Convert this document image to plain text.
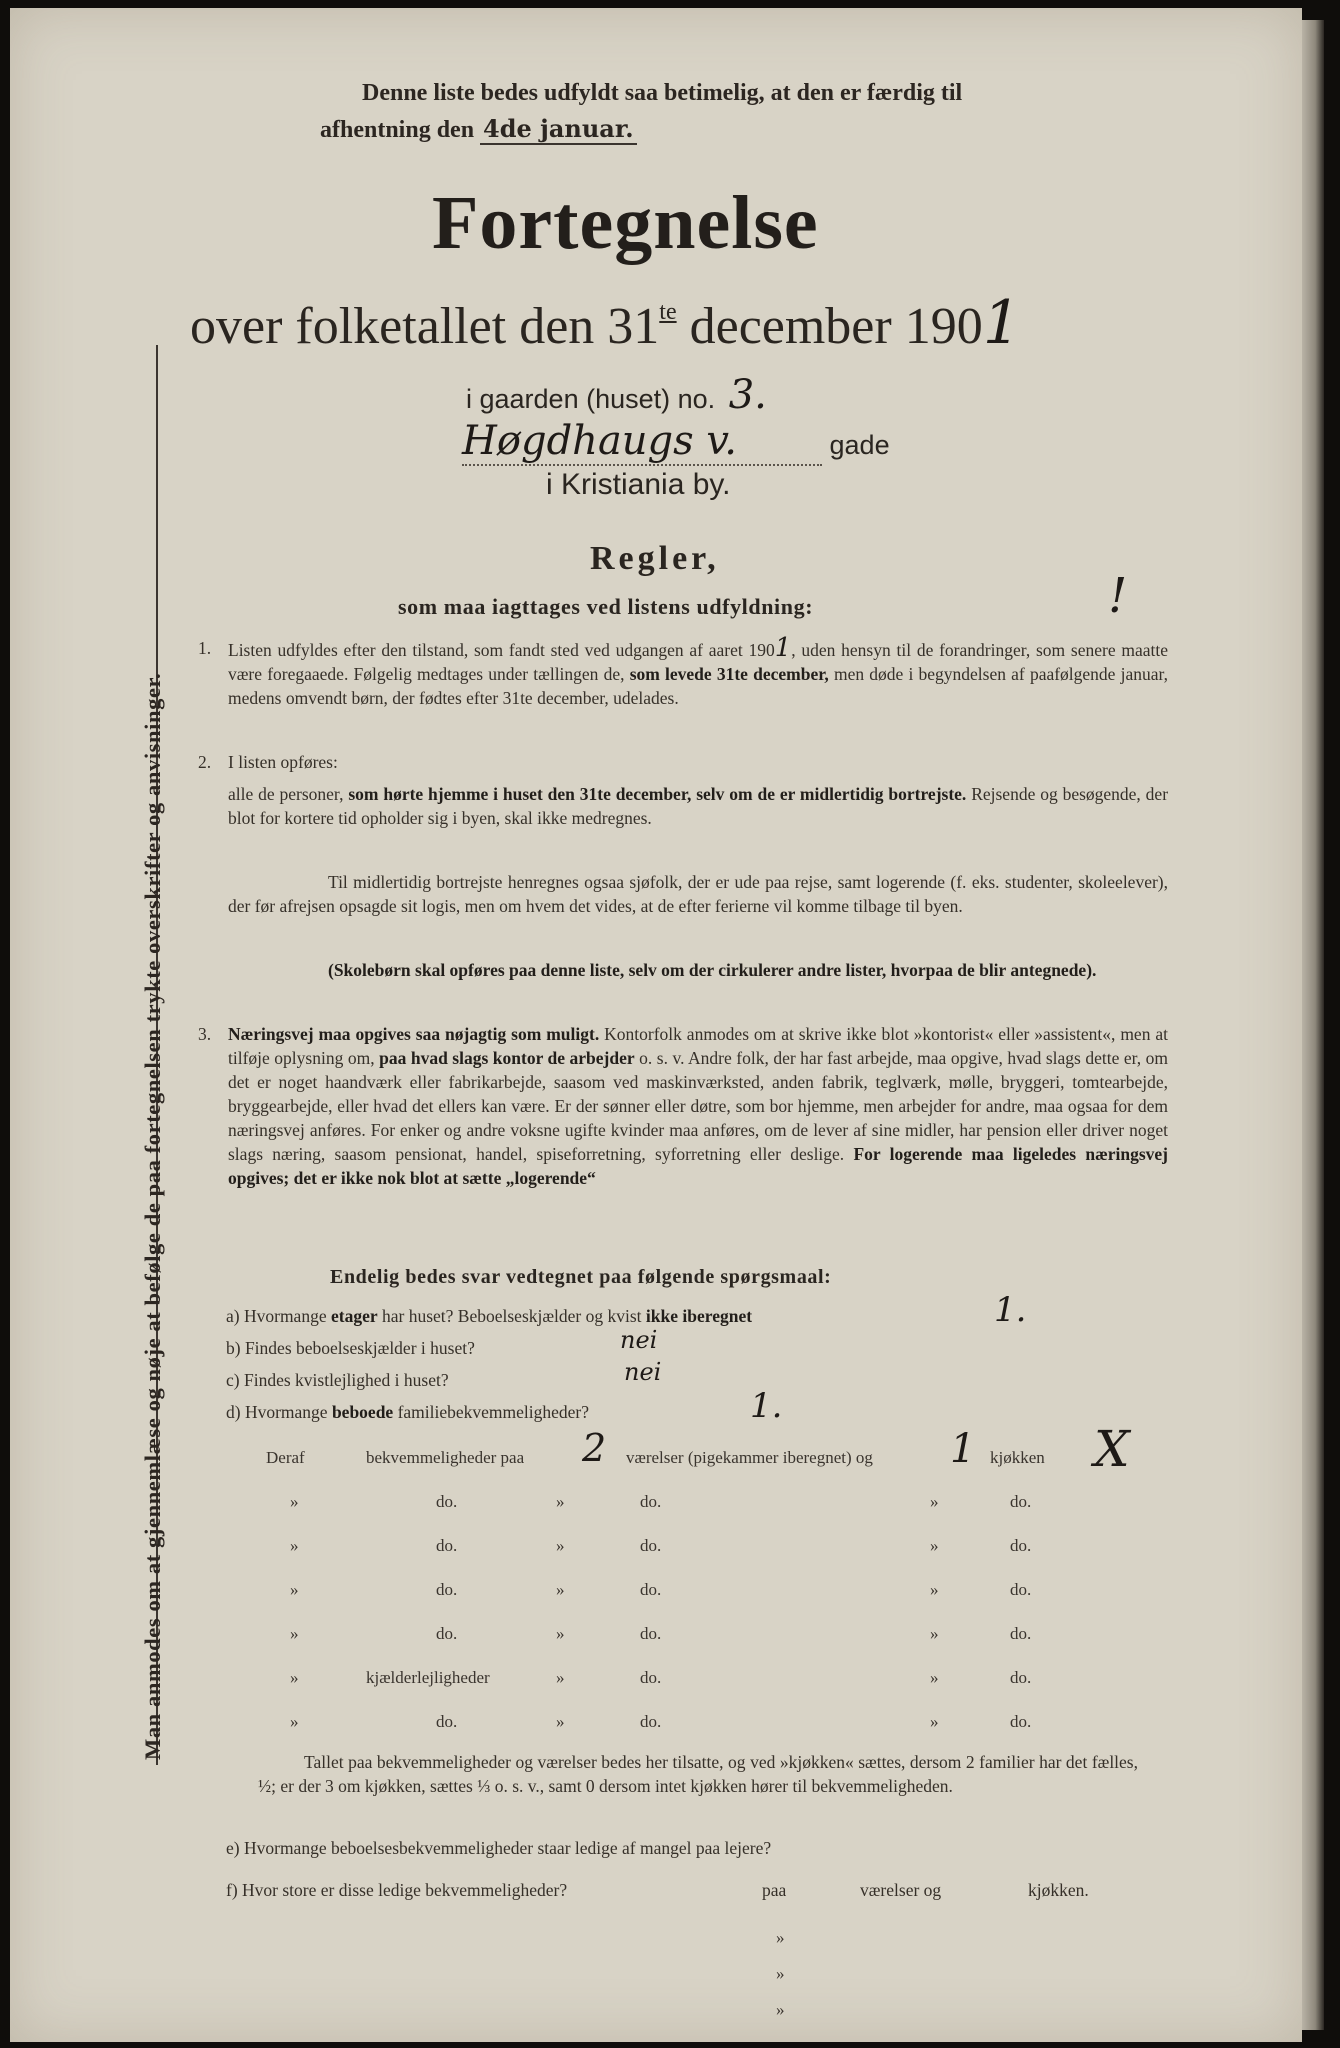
Man anmodes om at gjennemlæse og nøje at befølge de paa fortegnelsen trykte overskrifter og anvisninger.
Denne liste bedes udfyldt saa betimelig, at den er færdig til
afhentning den 4de januar.
Fortegnelse
over folketallet den $31^{te}$ december 1901
i gaarden (huset) no. 3.
Høgdhaugs v.	gade
i Kristiania by.
Regler,
som maa iagttages ved listens udfyldning:	!
1. Listen udfyldes efter den tilstand, som fandt sted ved udgangen af aaret 1901, uden hensyn til de forandringer, som senere maatte være foregaaede. Følgelig medtages under tællingen de, som levede 31te december, men døde i begyndelsen af paafølgende januar, medens omvendt børn, der fødtes efter 31te december, udelades.
2. I listen opføres:
alle de personer, som hørte hjemme i huset den 31te december, selv om de er midlertidig bortrejste. Rejsende og besøgende, der blot for kortere tid opholder sig i byen, skal ikke medregnes.
Til midlertidig bortrejste henregnes ogsaa sjøfolk, der er ude paa rejse, samt logerende (f. eks. studenter, skoleelever), der før afrejsen opsagde sit logis, men om hvem det vides, at de efter ferierne vil komme tilbage til byen.
(Skolebørn skal opføres paa denne liste, selv om der cirkulerer andre lister, hvorpaa de blir antegnede).
3. Næringsvej maa opgives saa nøjagtig som muligt. Kontorfolk anmodes om at skrive ikke blot »kontorist« eller »assistent«, men at tilføje oplysning om, paa hvad slags kontor de arbejder o. s. v. Andre folk, der har fast arbejde, maa opgive, hvad slags dette er, om det er noget haandværk eller fabrikarbejde, saasom ved maskinværksted, anden fabrik, teglværk, mølle, bryggeri, tomtearbejde, bryggearbejde, eller hvad det ellers kan være. Er der sønner eller døtre, som bor hjemme, men arbejder for andre, maa ogsaa for dem næringsvej anføres. For enker og andre voksne ugifte kvinder maa anføres, om de lever af sine midler, har pension eller driver noget slags næring, saasom pensionat, handel, spiseforretning, syforretning eller deslige. For logerende maa ligeledes næringsvej opgives; det er ikke nok blot at sætte „logerende“
Endelig bedes svar vedtegnet paa følgende spørgsmaal:
a) Hvormange etager har huset? Beboelseskjælder og kvist ikke iberegnet	1.
b) Findes beboelseskjælder i huset?	nei
c) Findes kvistlejlighed i huset?	nei
d) Hvormange beboede familiebekvemmeligheder?	1.
Deraf	bekvemmeligheder paa 2 værelser (pigekammer iberegnet) og 1 kjøkken X
»	do.	»	do.	»	do.
»	do.	»	do.	»	do.
»	do.	»	do.	»	do.
»	do.	»	do.	»	do.
»	kjælderlejligheder	»	do.	»	do.
»	do.	»	do.	»	do.
Tallet paa bekvemmeligheder og værelser bedes her tilsatte, og ved »kjøkken« sættes, dersom 2 familier har det fælles, ½; er der 3 om kjøkken, sættes ⅓ o. s. v., samt 0 dersom intet kjøkken hører til bekvemmeligheden.
e) Hvormange beboelsesbekvemmeligheder staar ledige af mangel paa lejere?
f) Hvor store er disse ledige bekvemmeligheder?	paa	værelser og	kjøkken.
»
»
»
